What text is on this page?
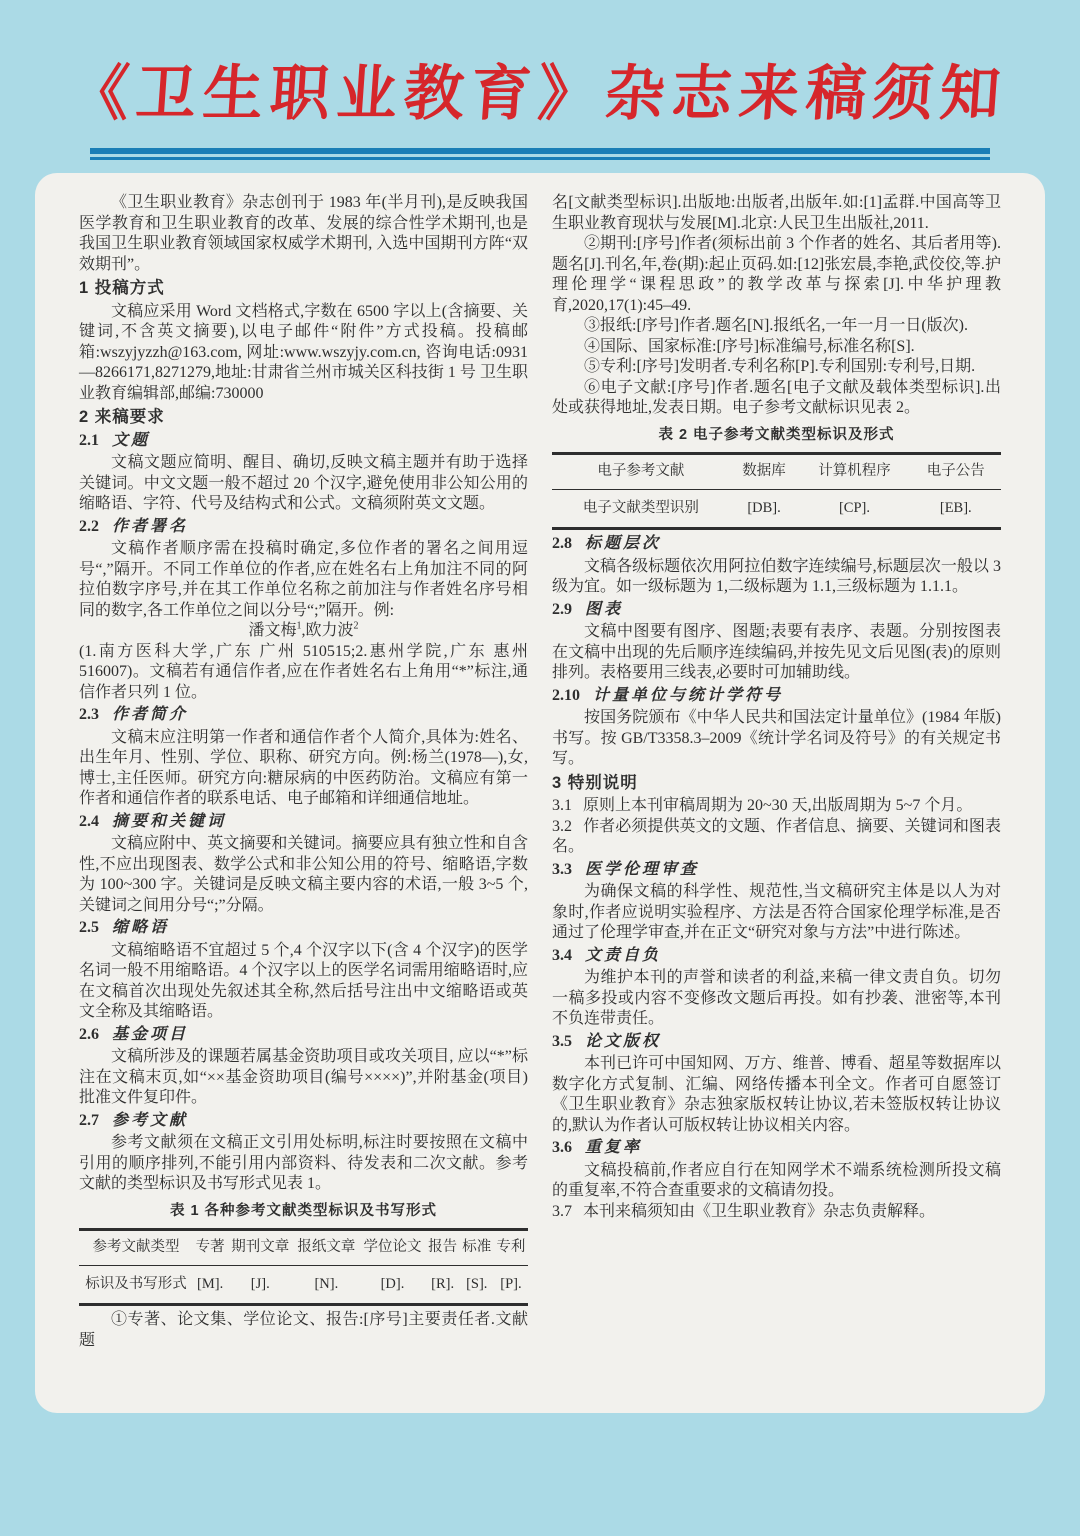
《卫生职业教育》杂志来稿须知

《卫生职业教育》杂志创刊于 1983 年(半月刊),是反映我国医学教育和卫生职业教育的改革、发展的综合性学术期刊,也是我国卫生职业教育领域国家权威学术期刊, 入选中国期刊方阵“双效期刊”。

1 投稿方式

文稿应采用 Word 文档格式,字数在 6500 字以上(含摘要、关键词,不含英文摘要),以电子邮件“附件”方式投稿。投稿邮箱:wszyjyzzh@163.com, 网址:www.wszyjy.com.cn, 咨询电话:0931—8266171,8271279,地址:甘肃省兰州市城关区科技街 1 号 卫生职业教育编辑部,邮编:730000

2 来稿要求
2.1 文题

文稿文题应简明、醒目、确切,反映文稿主题并有助于选择关键词。中文文题一般不超过 20 个汉字,避免使用非公知公用的缩略语、字符、代号及结构式和公式。文稿须附英文文题。

2.2 作者署名

文稿作者顺序需在投稿时确定,多位作者的署名之间用逗号“,”隔开。不同工作单位的作者,应在姓名右上角加注不同的阿拉伯数字序号,并在其工作单位名称之前加注与作者姓名序号相同的数字,各工作单位之间以分号“;”隔开。例:

潘文梅$^1$,欧力波$^2$

(1.南方医科大学,广东 广州 510515;2.惠州学院,广东 惠州 516007)。文稿若有通信作者,应在作者姓名右上角用“*”标注,通信作者只列 1 位。

2.3 作者简介

文稿末应注明第一作者和通信作者个人简介,具体为:姓名、出生年月、性别、学位、职称、研究方向。例:杨兰(1978—),女,博士,主任医师。研究方向:糖尿病的中医药防治。文稿应有第一作者和通信作者的联系电话、电子邮箱和详细通信地址。

2.4 摘要和关键词

文稿应附中、英文摘要和关键词。摘要应具有独立性和自含性,不应出现图表、数学公式和非公知公用的符号、缩略语,字数为 100~300 字。关键词是反映文稿主要内容的术语,一般 3~5 个,关键词之间用分号“;”分隔。

2.5 缩略语

文稿缩略语不宜超过 5 个,4 个汉字以下(含 4 个汉字)的医学名词一般不用缩略语。4 个汉字以上的医学名词需用缩略语时,应在文稿首次出现处先叙述其全称,然后括号注出中文缩略语或英文全称及其缩略语。

2.6 基金项目

文稿所涉及的课题若属基金资助项目或攻关项目, 应以“*”标注在文稿末页,如“××基金资助项目(编号××××)”,并附基金(项目)批准文件复印件。

2.7 参考文献

参考文献须在文稿正文引用处标明,标注时要按照在文稿中引用的顺序排列,不能引用内部资料、待发表和二次文献。参考文献的类型标识及书写形式见表 1。

表 1 各种参考文献类型标识及书写形式
参考文献类型	专著	期刊文章	报纸文章	学位论文	报告	标准	专利
标识及书写形式	[M].	[J].	[N].	[D].	[R].	[S].	[P].

①专著、论文集、学位论文、报告:[序号]主要责任者.文献题

名[文献类型标识].出版地:出版者,出版年.如:[1]孟群.中国高等卫生职业教育现状与发展[M].北京:人民卫生出版社,2011.

②期刊:[序号]作者(须标出前 3 个作者的姓名、其后者用等).题名[J].刊名,年,卷(期):起止页码.如:[12]张宏晨,李艳,武佼佼,等.护理伦理学“课程思政”的教学改革与探索[J].中华护理教育,2020,17(1):45–49.

③报纸:[序号]作者.题名[N].报纸名,一年一月一日(版次).

④国际、国家标准:[序号]标准编号,标准名称[S].

⑤专利:[序号]发明者.专利名称[P].专利国别:专利号,日期.

⑥电子文献:[序号]作者.题名[电子文献及载体类型标识].出处或获得地址,发表日期。电子参考文献标识见表 2。

表 2 电子参考文献类型标识及形式
电子参考文献	数据库	计算机程序	电子公告
电子文献类型识别	[DB].	[CP].	[EB].
2.8 标题层次

文稿各级标题依次用阿拉伯数字连续编号,标题层次一般以 3 级为宜。如一级标题为 1,二级标题为 1.1,三级标题为 1.1.1。

2.9 图表

文稿中图要有图序、图题;表要有表序、表题。分别按图表在文稿中出现的先后顺序连续编码,并按先见文后见图(表)的原则排列。表格要用三线表,必要时可加辅助线。

2.10 计量单位与统计学符号

按国务院颁布《中华人民共和国法定计量单位》(1984 年版)书写。按 GB/T3358.3–2009《统计学名词及符号》的有关规定书写。

3 特别说明

3.1 原则上本刊审稿周期为 20~30 天,出版周期为 5~7 个月。

3.2 作者必须提供英文的文题、作者信息、摘要、关键词和图表名。

3.3 医学伦理审查

为确保文稿的科学性、规范性,当文稿研究主体是以人为对象时,作者应说明实验程序、方法是否符合国家伦理学标准,是否通过了伦理学审查,并在正文“研究对象与方法”中进行陈述。

3.4 文责自负

为维护本刊的声誉和读者的利益,来稿一律文责自负。切勿一稿多投或内容不变修改文题后再投。如有抄袭、泄密等,本刊不负连带责任。

3.5 论文版权

本刊已许可中国知网、万方、维普、博看、超星等数据库以数字化方式复制、汇编、网络传播本刊全文。作者可自愿签订《卫生职业教育》杂志独家版权转让协议,若未签版权转让协议的,默认为作者认可版权转让协议相关内容。

3.6 重复率

文稿投稿前,作者应自行在知网学术不端系统检测所投文稿的重复率,不符合查重要求的文稿请勿投。

3.7 本刊来稿须知由《卫生职业教育》杂志负责解释。
